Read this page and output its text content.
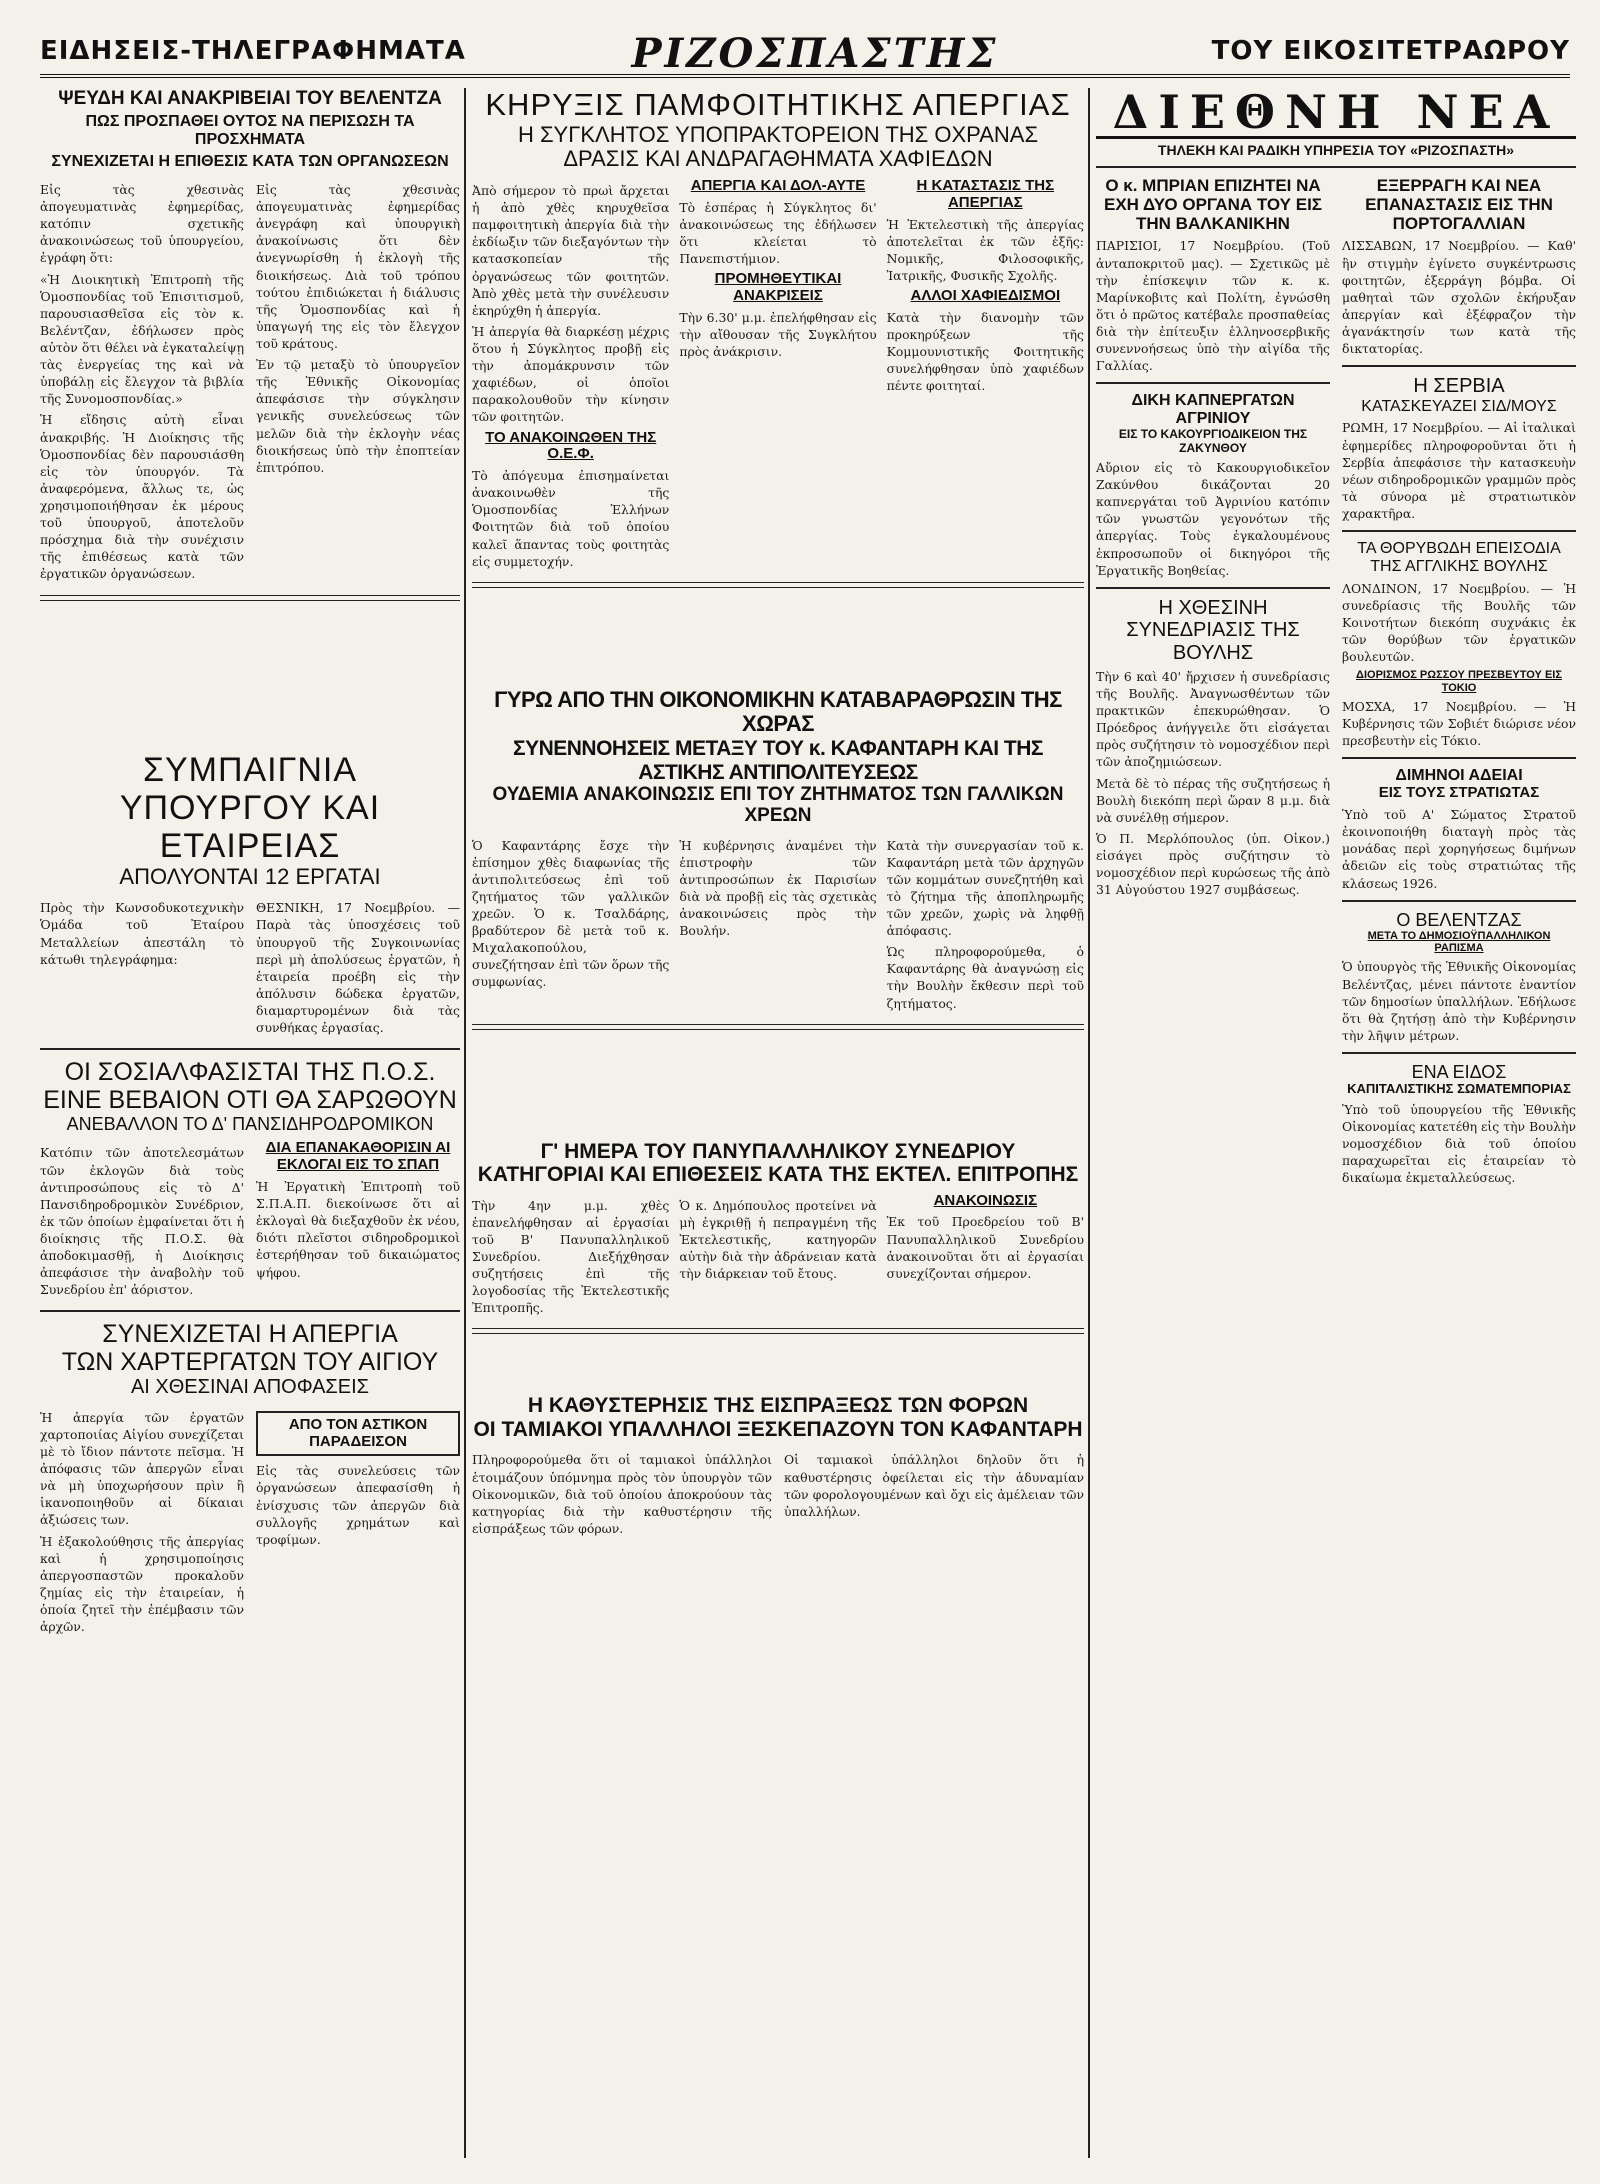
ΕΙΔΗΣΕΙΣ-ΤΗΛΕΓΡΑΦΗΜΑΤΑ	ΡΙΖΟΣΠΑΣΤΗΣ	ΤΟΥ ΕΙΚΟΣΙΤΕΤΡΑΩΡΟΥ
ΨΕΥΔΗ ΚΑΙ ΑΝΑΚΡΙΒΕΙΑΙ ΤΟΥ ΒΕΛΕΝΤΖΑ
ΠΩΣ ΠΡΟΣΠΑΘΕΙ ΟΥΤΟΣ ΝΑ ΠΕΡΙΣΩΣΗ ΤΑ ΠΡΟΣΧΗΜΑΤΑ
ΣΥΝΕΧΙΖΕΤΑΙ Η ΕΠΙΘΕΣΙΣ ΚΑΤΑ ΤΩΝ ΟΡΓΑΝΩΣΕΩΝ

Εἰς τὰς χθεσινὰς ἀπογευματινὰς ἐφημερίδας, κατόπιν σχετικῆς ἀνακοινώσεως τοῦ ὑπουργείου, ἐγράφη ὅτι:

«Ἡ Διοικητικὴ Ἐπιτροπὴ τῆς Ὁμοσπονδίας τοῦ Ἐπισιτισμοῦ, παρουσιασθεῖσα εἰς τὸν κ. Βελέντζαν, ἐδήλωσεν πρὸς αὐτὸν ὅτι θέλει νὰ ἐγκαταλείψῃ τὰς ἐνεργείας της καὶ νὰ ὑποβάλῃ εἰς ἔλεγχον τὰ βιβλία τῆς Συνομοσπονδίας.»

Ἡ εἴδησις αὐτὴ εἶναι ἀνακριβής. Ἡ Διοίκησις τῆς Ὁμοσπονδίας δὲν παρουσιάσθη εἰς τὸν ὑπουργόν. Τὰ ἀναφερόμενα, ἄλλως τε, ὡς χρησιμοποιήθησαν ἐκ μέρους τοῦ ὑπουργοῦ, ἀποτελοῦν πρόσχημα διὰ τὴν συνέχισιν τῆς ἐπιθέσεως κατὰ τῶν ἐργατικῶν ὀργανώσεων.

Εἰς τὰς χθεσινὰς ἀπογευματινὰς ἐφημερίδας ἀνεγράφη καὶ ὑπουργικὴ ἀνακοίνωσις ὅτι δὲν ἀνεγνωρίσθη ἡ ἐκλογὴ τῆς διοικήσεως. Διὰ τοῦ τρόπου τούτου ἐπιδιώκεται ἡ διάλυσις τῆς Ὁμοσπονδίας καὶ ἡ ὑπαγωγή της εἰς τὸν ἔλεγχον τοῦ κράτους.

Ἐν τῷ μεταξὺ τὸ ὑπουργεῖον τῆς Ἐθνικῆς Οἰκονομίας ἀπεφάσισε τὴν σύγκλησιν γενικῆς συνελεύσεως τῶν μελῶν διὰ τὴν ἐκλογὴν νέας διοικήσεως ὑπὸ τὴν ἐποπτείαν ἐπιτρόπου.

ΣΥΜΠΑΙΓΝΙΑ
ΥΠΟΥΡΓΟΥ ΚΑΙ ΕΤΑΙΡΕΙΑΣ
ΑΠΟΛΥΟΝΤΑΙ 12 ΕΡΓΑΤΑΙ

Πρὸς τὴν Κωνσοδυκοτεχνικὴν Ὁμάδα τοῦ Ἐταίρου Μεταλλείων ἀπεστάλη τὸ κάτωθι τηλεγράφημα:

ΘΕΣΝΙΚΗ, 17 Νοεμβρίου. — Παρὰ τὰς ὑποσχέσεις τοῦ ὑπουργοῦ τῆς Συγκοινωνίας περὶ μὴ ἀπολύσεως ἐργατῶν, ἡ ἑταιρεία προέβη εἰς τὴν ἀπόλυσιν δώδεκα ἐργατῶν, διαμαρτυρομένων διὰ τὰς συνθήκας ἐργασίας.

ΟΙ ΣΟΣΙΑΛΦΑΣΙΣΤΑΙ ΤΗΣ Π.Ο.Σ.
ΕΙΝΕ ΒΕΒΑΙΟΝ ΟΤΙ ΘΑ ΣΑΡΩΘΟΥΝ
ΑΝΕΒΑΛΛΟΝ ΤΟ Δ' ΠΑΝΣΙΔΗΡΟΔΡΟΜΙΚΟΝ

Κατόπιν τῶν ἀποτελεσμάτων τῶν ἐκλογῶν διὰ τοὺς ἀντιπροσώπους εἰς τὸ Δ' Πανσιδηροδρομικὸν Συνέδριον, ἐκ τῶν ὁποίων ἐμφαίνεται ὅτι ἡ διοίκησις τῆς Π.Ο.Σ. θὰ ἀποδοκιμασθῇ, ἡ Διοίκησις ἀπεφάσισε τὴν ἀναβολὴν τοῦ Συνεδρίου ἐπ' ἀόριστον.

ΔΙΑ ΕΠΑΝΑΚΑΘΟΡΙΣΙΝ ΑΙ ΕΚΛΟΓΑΙ ΕΙΣ ΤΟ ΣΠΑΠ

Ἡ Ἐργατικὴ Ἐπιτροπὴ τοῦ Σ.Π.Α.Π. διεκοίνωσε ὅτι αἱ ἐκλογαὶ θὰ διεξαχθοῦν ἐκ νέου, διότι πλεῖστοι σιδηροδρομικοὶ ἐστερήθησαν τοῦ δικαιώματος ψήφου.

ΣΥΝΕΧΙΖΕΤΑΙ Η ΑΠΕΡΓΙΑ
ΤΩΝ ΧΑΡΤΕΡΓΑΤΩΝ ΤΟΥ ΑΙΓΙΟΥ
ΑΙ ΧΘΕΣΙΝΑΙ ΑΠΟΦΑΣΕΙΣ

Ἡ ἀπεργία τῶν ἐργατῶν χαρτοποιίας Αἰγίου συνεχίζεται μὲ τὸ ἴδιον πάντοτε πεῖσμα. Ἡ ἀπόφασις τῶν ἀπεργῶν εἶναι νὰ μὴ ὑποχωρήσουν πρὶν ἢ ἱκανοποιηθοῦν αἱ δίκαιαι ἀξιώσεις των.

Ἡ ἐξακολούθησις τῆς ἀπεργίας καὶ ἡ χρησιμοποίησις ἀπεργοσπαστῶν προκαλοῦν ζημίας εἰς τὴν ἑταιρείαν, ἡ ὁποία ζητεῖ τὴν ἐπέμβασιν τῶν ἀρχῶν.

ΑΠΟ ΤΟΝ ΑΣΤΙΚΟΝ ΠΑΡΑΔΕΙΣΟΝ

Εἰς τὰς συνελεύσεις τῶν ὀργανώσεων ἀπεφασίσθη ἡ ἐνίσχυσις τῶν ἀπεργῶν διὰ συλλογῆς χρημάτων καὶ τροφίμων.

ΚΗΡΥΞΙΣ ΠΑΜΦΟΙΤΗΤΙΚΗΣ ΑΠΕΡΓΙΑΣ
Η ΣΥΓΚΛΗΤΟΣ ΥΠΟΠΡΑΚΤΟΡΕΙΟΝ ΤΗΣ ΟΧΡΑΝΑΣ
ΔΡΑΣΙΣ ΚΑΙ ΑΝΔΡΑΓΑΘΗΜΑΤΑ ΧΑΦΙΕΔΩΝ

Ἀπὸ σήμερον τὸ πρωὶ ἄρχεται ἡ ἀπὸ χθὲς κηρυχθεῖσα παμφοιτητικὴ ἀπεργία διὰ τὴν ἐκδίωξιν τῶν διεξαγόντων τὴν κατασκοπείαν τῆς ὀργανώσεως τῶν φοιτητῶν. Ἀπὸ χθὲς μετὰ τὴν συνέλευσιν ἐκηρύχθη ἡ ἀπεργία.

Ἡ ἀπεργία θὰ διαρκέσῃ μέχρις ὅτου ἡ Σύγκλητος προβῇ εἰς τὴν ἀπομάκρυνσιν τῶν χαφιέδων, οἱ ὁποῖοι παρακολουθοῦν τὴν κίνησιν τῶν φοιτητῶν.

ΤΟ ΑΝΑΚΟΙΝΩΘΕΝ ΤΗΣ Ο.Ε.Φ.

Τὸ ἀπόγευμα ἐπισημαίνεται ἀνακοινωθὲν τῆς Ὁμοσπονδίας Ἑλλήνων Φοιτητῶν διὰ τοῦ ὁποίου καλεῖ ἅπαντας τοὺς φοιτητὰς εἰς συμμετοχήν.

ΑΠΕΡΓΙΑ ΚΑΙ ΔΟΛ-ΑΥΤΕ

Τὸ ἑσπέρας ἡ Σύγκλητος δι' ἀνακοινώσεως της ἐδήλωσεν ὅτι κλείεται τὸ Πανεπιστήμιον.

ΠΡΟΜΗΘΕΥΤΙΚΑΙ ΑΝΑΚΡΙΣΕΙΣ

Τὴν 6.30' μ.μ. ἐπελήφθησαν εἰς τὴν αἴθουσαν τῆς Συγκλήτου πρὸς ἀνάκρισιν.

Η ΚΑΤΑΣΤΑΣΙΣ ΤΗΣ ΑΠΕΡΓΙΑΣ

Ἡ Ἐκτελεστικὴ τῆς ἀπεργίας ἀποτελεῖται ἐκ τῶν ἑξῆς: Νομικῆς, Φιλοσοφικῆς, Ἰατρικῆς, Φυσικῆς Σχολῆς.

ΑΛΛΟΙ ΧΑΦΙΕΔΙΣΜΟΙ

Κατὰ τὴν διανομὴν τῶν προκηρύξεων τῆς Κομμουνιστικῆς Φοιτητικῆς συνελήφθησαν ὑπὸ χαφιέδων πέντε φοιτηταί.

ΓΥΡΩ ΑΠΟ ΤΗΝ ΟΙΚΟΝΟΜΙΚΗΝ ΚΑΤΑΒΑΡΑΘΡΩΣΙΝ ΤΗΣ ΧΩΡΑΣ
ΣΥΝΕΝΝΟΗΣΕΙΣ ΜΕΤΑΞΥ ΤΟΥ κ. ΚΑΦΑΝΤΑΡΗ ΚΑΙ ΤΗΣ ΑΣΤΙΚΗΣ ΑΝΤΙΠΟΛΙΤΕΥΣΕΩΣ
ΟΥΔΕΜΙΑ ΑΝΑΚΟΙΝΩΣΙΣ ΕΠΙ ΤΟΥ ΖΗΤΗΜΑΤΟΣ ΤΩΝ ΓΑΛΛΙΚΩΝ ΧΡΕΩΝ

Ὁ Καφαντάρης ἔσχε τὴν ἐπίσημον χθὲς διαφωνίας τῆς ἀντιπολιτεύσεως ἐπὶ τοῦ ζητήματος τῶν γαλλικῶν χρεῶν. Ὁ κ. Τσαλδάρης, βραδύτερον δὲ μετὰ τοῦ κ. Μιχαλακοπούλου, συνεζήτησαν ἐπὶ τῶν ὅρων τῆς συμφωνίας.

Ἡ κυβέρνησις ἀναμένει τὴν ἐπιστροφὴν τῶν ἀντιπροσώπων ἐκ Παρισίων διὰ νὰ προβῇ εἰς τὰς σχετικὰς ἀνακοινώσεις πρὸς τὴν Βουλήν.

Κατὰ τὴν συνεργασίαν τοῦ κ. Καφαντάρη μετὰ τῶν ἀρχηγῶν τῶν κομμάτων συνεζητήθη καὶ τὸ ζήτημα τῆς ἀποπληρωμῆς τῶν χρεῶν, χωρὶς νὰ ληφθῇ ἀπόφασις.

Ὡς πληροφορούμεθα, ὁ Καφαντάρης θὰ ἀναγνώσῃ εἰς τὴν Βουλὴν ἔκθεσιν περὶ τοῦ ζητήματος.

Γ' ΗΜΕΡΑ ΤΟΥ ΠΑΝΥΠΑΛΛΗΛΙΚΟΥ ΣΥΝΕΔΡΙΟΥ
ΚΑΤΗΓΟΡΙΑΙ ΚΑΙ ΕΠΙΘΕΣΕΙΣ ΚΑΤΑ ΤΗΣ ΕΚΤΕΛ. ΕΠΙΤΡΟΠΗΣ

Τὴν 4ην μ.μ. χθὲς ἐπανελήφθησαν αἱ ἐργασίαι τοῦ Β' Πανυπαλληλικοῦ Συνεδρίου. Διεξήχθησαν συζητήσεις ἐπὶ τῆς λογοδοσίας τῆς Ἐκτελεστικῆς Ἐπιτροπῆς.

Ὁ κ. Δημόπουλος προτείνει νὰ μὴ ἐγκριθῇ ἡ πεπραγμένη τῆς Ἐκτελεστικῆς, κατηγορῶν αὐτὴν διὰ τὴν ἀδράνειαν κατὰ τὴν διάρκειαν τοῦ ἔτους.

ΑΝΑΚΟΙΝΩΣΙΣ

Ἐκ τοῦ Προεδρείου τοῦ Β' Πανυπαλληλικοῦ Συνεδρίου ἀνακοινοῦται ὅτι αἱ ἐργασίαι συνεχίζονται σήμερον.

Η ΚΑΘΥΣΤΕΡΗΣΙΣ ΤΗΣ ΕΙΣΠΡΑΞΕΩΣ ΤΩΝ ΦΟΡΩΝ
ΟΙ ΤΑΜΙΑΚΟΙ ΥΠΑΛΛΗΛΟΙ ΞΕΣΚΕΠΑΖΟΥΝ ΤΟΝ ΚΑΦΑΝΤΑΡΗ

Πληροφορούμεθα ὅτι οἱ ταμιακοὶ ὑπάλληλοι ἑτοιμάζουν ὑπόμνημα πρὸς τὸν ὑπουργὸν τῶν Οἰκονομικῶν, διὰ τοῦ ὁποίου ἀποκρούουν τὰς κατηγορίας διὰ τὴν καθυστέρησιν τῆς εἰσπράξεως τῶν φόρων.

Οἱ ταμιακοὶ ὑπάλληλοι δηλοῦν ὅτι ἡ καθυστέρησις ὀφείλεται εἰς τὴν ἀδυναμίαν τῶν φορολογουμένων καὶ ὄχι εἰς ἀμέλειαν τῶν ὑπαλλήλων.

ΔΙΕΘΝΗ ΝΕΑ
ΤΗΛΕΚΗ ΚΑΙ ΡΑΔΙΚΗ ΥΠΗΡΕΣΙΑ ΤΟΥ «ΡΙΖΟΣΠΑΣΤΗ»
Ο κ. ΜΠΡΙΑΝ ΕΠΙΖΗΤΕΙ ΝΑ ΕΧΗ ΔΥΟ ΟΡΓΑΝΑ ΤΟΥ ΕΙΣ ΤΗΝ ΒΑΛΚΑΝΙΚΗΝ

ΠΑΡΙΣΙΟΙ, 17 Νοεμβρίου. (Τοῦ ἀνταποκριτοῦ μας). — Σχετικῶς μὲ τὴν ἐπίσκεψιν τῶν κ. κ. Μαρίνκοβιτς καὶ Πολίτη, ἐγνώσθη ὅτι ὁ πρῶτος κατέβαλε προσπαθείας διὰ τὴν ἐπίτευξιν ἑλληνοσερβικῆς συνεννοήσεως ὑπὸ τὴν αἰγίδα τῆς Γαλλίας.

ΔΙΚΗ ΚΑΠΝΕΡΓΑΤΩΝ ΑΓΡΙΝΙΟΥ
ΕΙΣ ΤΟ ΚΑΚΟΥΡΓΙΟΔΙΚΕΙΟΝ ΤΗΣ ΖΑΚΥΝΘΟΥ

Αὔριον εἰς τὸ Κακουργιοδικεῖον Ζακύνθου δικάζονται 20 καπνεργάται τοῦ Ἀγρινίου κατόπιν τῶν γνωστῶν γεγονότων τῆς ἀπεργίας. Τοὺς ἐγκαλουμένους ἐκπροσωποῦν οἱ δικηγόροι τῆς Ἐργατικῆς Βοηθείας.

Η ΧΘΕΣΙΝΗ ΣΥΝΕΔΡΙΑΣΙΣ ΤΗΣ ΒΟΥΛΗΣ

Τὴν 6 καὶ 40' ἤρχισεν ἡ συνεδρίασις τῆς Βουλῆς. Ἀναγνωσθέντων τῶν πρακτικῶν ἐπεκυρώθησαν. Ὁ Πρόεδρος ἀνήγγειλε ὅτι εἰσάγεται πρὸς συζήτησιν τὸ νομοσχέδιον περὶ τῶν ἀποζημιώσεων.

Μετὰ δὲ τὸ πέρας τῆς συζητήσεως ἡ Βουλὴ διεκόπη περὶ ὥραν 8 μ.μ. διὰ νὰ συνέλθῃ σήμερον.

Ὁ Π. Μερλόπουλος (ὑπ. Οἰκον.) εἰσάγει πρὸς συζήτησιν τὸ νομοσχέδιον περὶ κυρώσεως τῆς ἀπὸ 31 Αὐγούστου 1927 συμβάσεως.

ΕΞΕΡΡΑΓΗ ΚΑΙ ΝΕΑ ΕΠΑΝΑΣΤΑΣΙΣ ΕΙΣ ΤΗΝ ΠΟΡΤΟΓΑΛΛΙΑΝ

ΛΙΣΣΑΒΩΝ, 17 Νοεμβρίου. — Καθ' ἣν στιγμὴν ἐγίνετο συγκέντρωσις φοιτητῶν, ἐξερράγη βόμβα. Οἱ μαθηταὶ τῶν σχολῶν ἐκήρυξαν ἀπεργίαν καὶ ἐξέφραζον τὴν ἀγανάκτησίν των κατὰ τῆς δικτατορίας.

Η ΣΕΡΒΙΑ
ΚΑΤΑΣΚΕΥΑΖΕΙ ΣΙΔ/ΜΟΥΣ

ΡΩΜΗ, 17 Νοεμβρίου. — Αἱ ἰταλικαὶ ἐφημερίδες πληροφοροῦνται ὅτι ἡ Σερβία ἀπεφάσισε τὴν κατασκευὴν νέων σιδηροδρομικῶν γραμμῶν πρὸς τὰ σύνορα μὲ στρατιωτικὸν χαρακτῆρα.

ΤΑ ΘΟΡΥΒΩΔΗ ΕΠΕΙΣΟΔΙΑ
ΤΗΣ ΑΓΓΛΙΚΗΣ ΒΟΥΛΗΣ

ΛΟΝΔΙΝΟΝ, 17 Νοεμβρίου. — Ἡ συνεδρίασις τῆς Βουλῆς τῶν Κοινοτήτων διεκόπη συχνάκις ἐκ τῶν θορύβων τῶν ἐργατικῶν βουλευτῶν.

ΔΙΟΡΙΣΜΟΣ ΡΩΣΣΟΥ ΠΡΕΣΒΕΥΤΟΥ ΕΙΣ ΤΟΚΙΟ

ΜΟΣΧΑ, 17 Νοεμβρίου. — Ἡ Κυβέρνησις τῶν Σοβιέτ διώρισε νέον πρεσβευτὴν εἰς Τόκιο.

ΔΙΜΗΝΟΙ ΑΔΕΙΑΙ
ΕΙΣ ΤΟΥΣ ΣΤΡΑΤΙΩΤΑΣ

Ὑπὸ τοῦ Α' Σώματος Στρατοῦ ἐκοινοποιήθη διαταγὴ πρὸς τὰς μονάδας περὶ χορηγήσεως διμήνων ἀδειῶν εἰς τοὺς στρατιώτας τῆς κλάσεως 1926.

Ο ΒΕΛΕΝΤΖΑΣ
ΜΕΤΑ ΤΟ ΔΗΜΟΣΙΟΫΠΑΛΛΗΛΙΚΟΝ ΡΑΠΙΣΜΑ

Ὁ ὑπουργὸς τῆς Ἐθνικῆς Οἰκονομίας Βελέντζας, μένει πάντοτε ἐναντίον τῶν δημοσίων ὑπαλλήλων. Ἐδήλωσε ὅτι θὰ ζητήσῃ ἀπὸ τὴν Κυβέρνησιν τὴν λῆψιν μέτρων.

ΕΝΑ ΕΙΔΟΣ
ΚΑΠΙΤΑΛΙΣΤΙΚΗΣ ΣΩΜΑΤΕΜΠΟΡΙΑΣ

Ὑπὸ τοῦ ὑπουργείου τῆς Ἐθνικῆς Οἰκονομίας κατετέθη εἰς τὴν Βουλὴν νομοσχέδιον διὰ τοῦ ὁποίου παραχωρεῖται εἰς ἑταιρείαν τὸ δικαίωμα ἐκμεταλλεύσεως.
